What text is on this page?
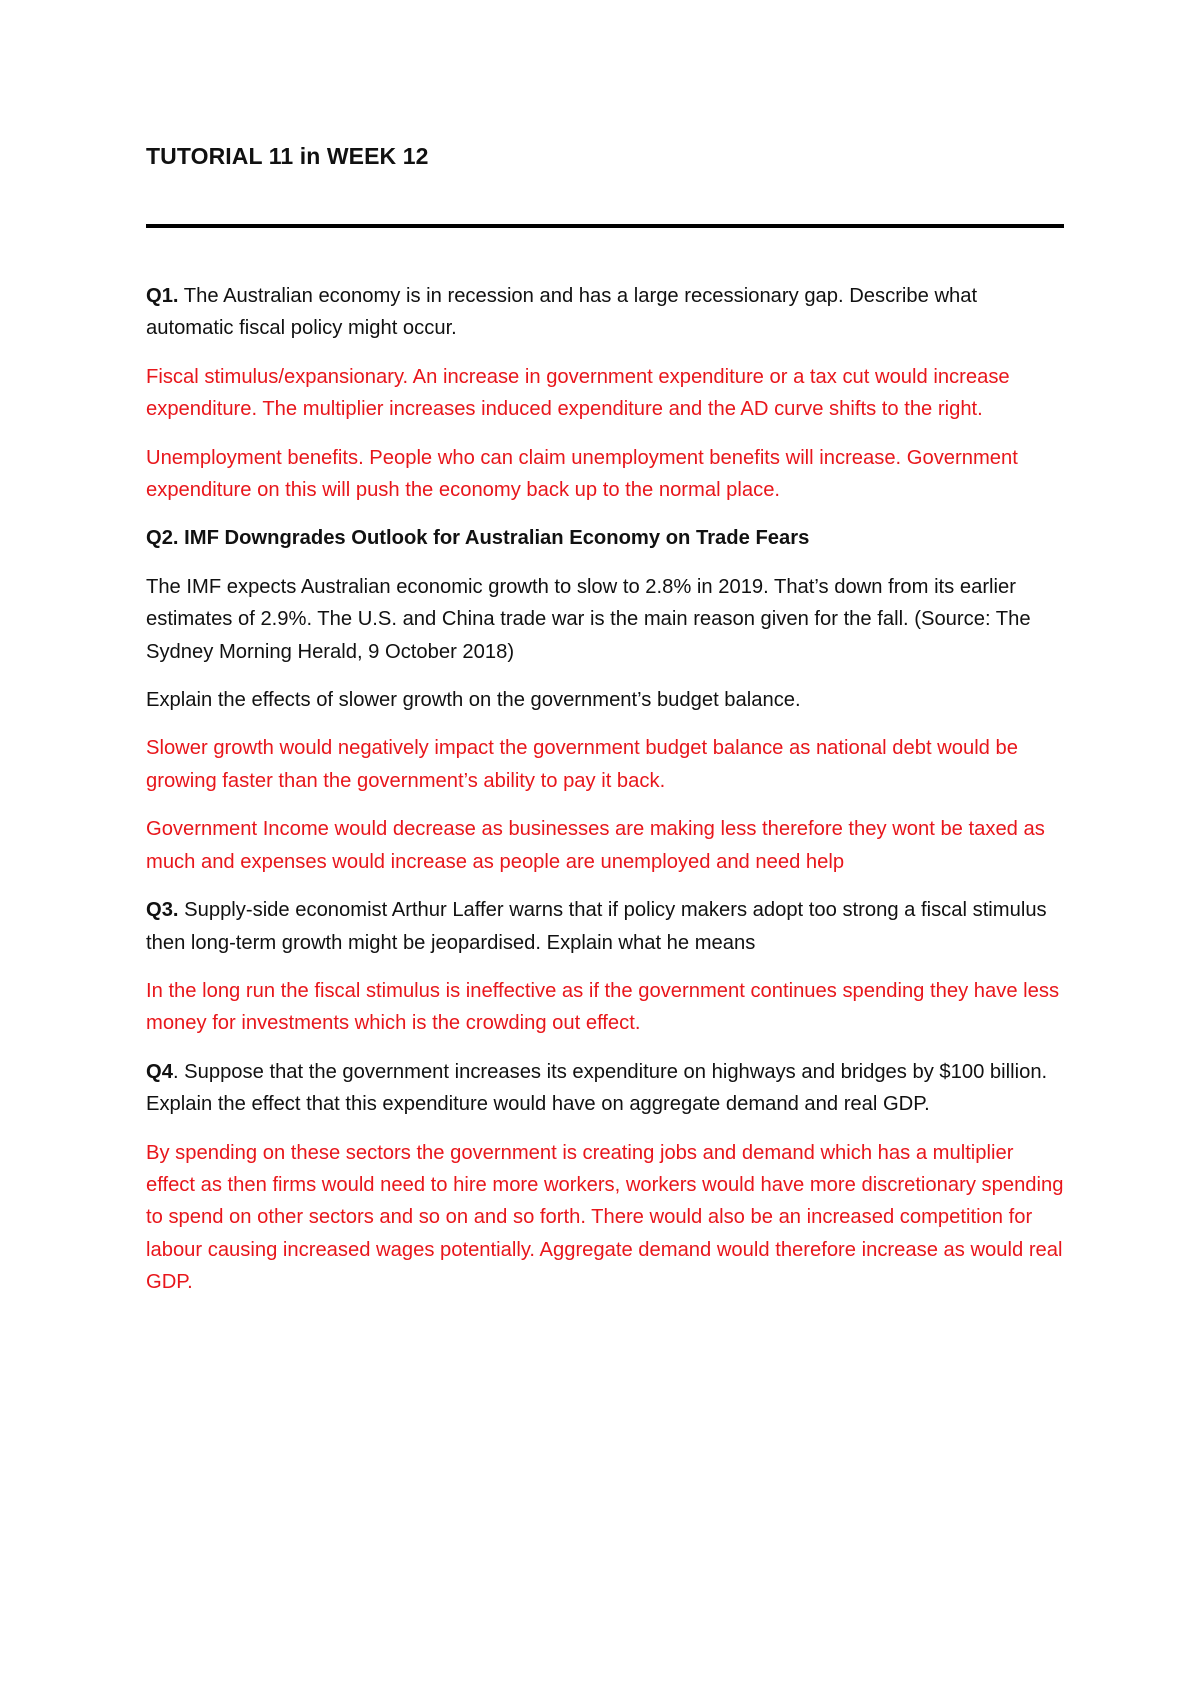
TUTORIAL 11 in WEEK 12

Q1. The Australian economy is in recession and has a large recessionary gap. Describe what automatic fiscal policy might occur.

Fiscal stimulus/expansionary. An increase in government expenditure or a tax cut would increase expenditure. The multiplier increases induced expenditure and the AD curve shifts to the right.

Unemployment benefits. People who can claim unemployment benefits will increase. Government expenditure on this will push the economy back up to the normal place.

Q2. IMF Downgrades Outlook for Australian Economy on Trade Fears

The IMF expects Australian economic growth to slow to 2.8% in 2019. That’s down from its earlier estimates of 2.9%. The U.S. and China trade war is the main reason given for the fall. (Source: The Sydney Morning Herald, 9 October 2018)

Explain the effects of slower growth on the government’s budget balance.

Slower growth would negatively impact the government budget balance as national debt would be growing faster than the government’s ability to pay it back.

Government Income would decrease as businesses are making less therefore they wont be taxed as much and expenses would increase as people are unemployed and need help

Q3. Supply-side economist Arthur Laffer warns that if policy makers adopt too strong a fiscal stimulus then long-term growth might be jeopardised. Explain what he means

In the long run the fiscal stimulus is ineffective as if the government continues spending they have less money for investments which is the crowding out effect.

Q4. Suppose that the government increases its expenditure on highways and bridges by $100 billion. Explain the effect that this expenditure would have on aggregate demand and real GDP.

By spending on these sectors the government is creating jobs and demand which has a multiplier effect as then firms would need to hire more workers, workers would have more discretionary spending to spend on other sectors and so on and so forth. There would also be an increased competition for labour causing increased wages potentially. Aggregate demand would therefore increase as would real GDP.
